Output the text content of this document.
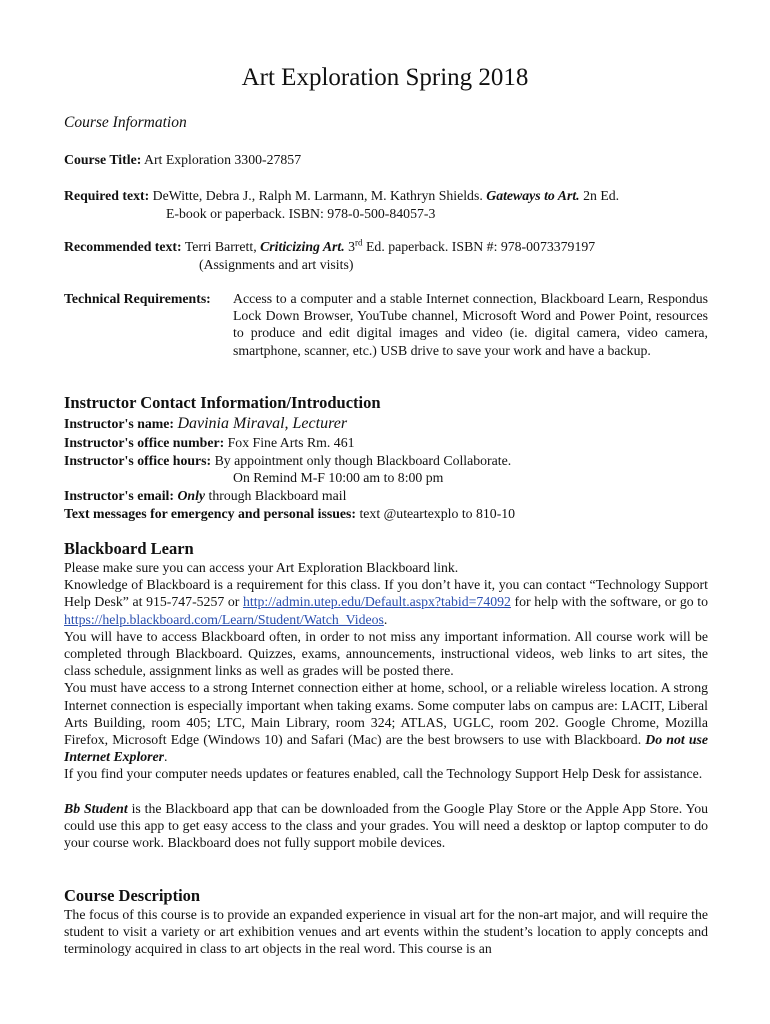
Art Exploration Spring 2018
Course Information
Course Title: Art Exploration 3300-27857
Required text: DeWitte, Debra J., Ralph M. Larmann, M. Kathryn Shields. Gateways to Art. 2n Ed.
E-book or paperback. ISBN: 978-0-500-84057-3
Recommended text: Terri Barrett, Criticizing Art. 3rd Ed. paperback. ISBN #: 978-0073379197
(Assignments and art visits)
Technical Requirements: Access to a computer and a stable Internet connection, Blackboard Learn, Respondus Lock Down Browser, YouTube channel, Microsoft Word and Power Point, resources to produce and edit digital images and video (ie. digital camera, video camera, smartphone, scanner, etc.) USB drive to save your work and have a backup.
Instructor Contact Information/Introduction
Instructor's name: Davinia Miraval, Lecturer
Instructor's office number: Fox Fine Arts Rm. 461
Instructor's office hours: By appointment only though Blackboard Collaborate.
On Remind M-F 10:00 am to 8:00 pm
Instructor's email: Only through Blackboard mail
Text messages for emergency and personal issues: text @uteartexplo to 810-10
Blackboard Learn
Please make sure you can access your Art Exploration Blackboard link.
Knowledge of Blackboard is a requirement for this class. If you don’t have it, you can contact “Technology Support Help Desk” at 915-747-5257 or http://admin.utep.edu/Default.aspx?tabid=74092 for help with the software, or go to https://help.blackboard.com/Learn/Student/Watch_Videos.
You will have to access Blackboard often, in order to not miss any important information. All course work will be completed through Blackboard. Quizzes, exams, announcements, instructional videos, web links to art sites, the class schedule, assignment links as well as grades will be posted there.
You must have access to a strong Internet connection either at home, school, or a reliable wireless location. A strong Internet connection is especially important when taking exams. Some computer labs on campus are: LACIT, Liberal Arts Building, room 405; LTC, Main Library, room 324; ATLAS, UGLC, room 202. Google Chrome, Mozilla Firefox, Microsoft Edge (Windows 10) and Safari (Mac) are the best browsers to use with Blackboard. Do not use Internet Explorer.
If you find your computer needs updates or features enabled, call the Technology Support Help Desk for assistance.
Bb Student is the Blackboard app that can be downloaded from the Google Play Store or the Apple App Store. You could use this app to get easy access to the class and your grades. You will need a desktop or laptop computer to do your course work. Blackboard does not fully support mobile devices.
Course Description
The focus of this course is to provide an expanded experience in visual art for the non-art major, and will require the student to visit a variety or art exhibition venues and art events within the student’s location to apply concepts and terminology acquired in class to art objects in the real word. This course is an
